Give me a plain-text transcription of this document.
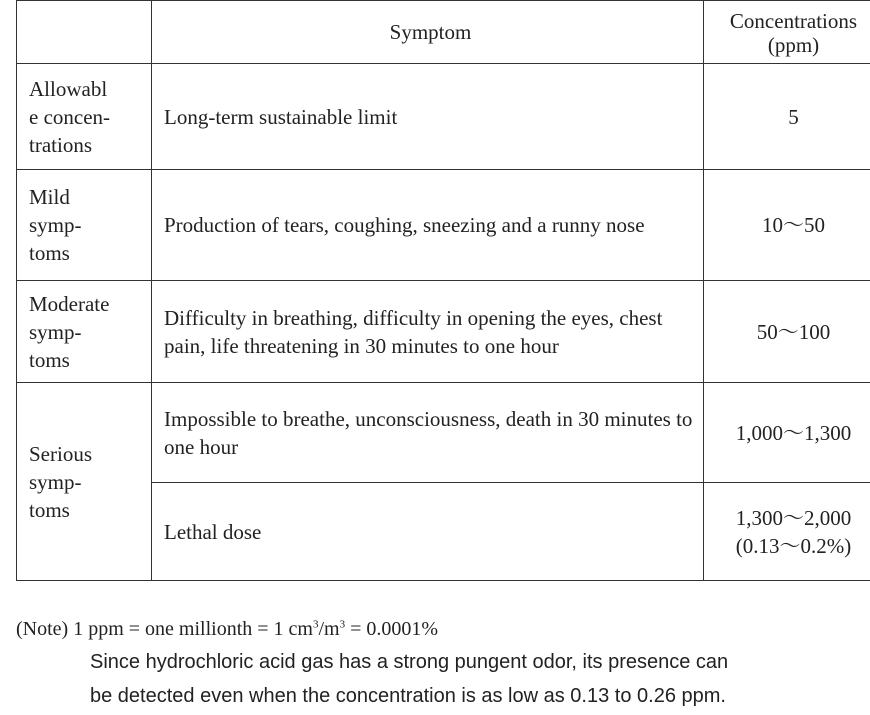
	Symptom	Concentrations
(ppm)

Allowabl
e concen-
trations	Long-term sustainable limit	5

Mild
symp-
toms	Production of tears, coughing, sneezing and a runny nose	10～50

Moderate
symp-
toms	Difficulty in breathing, difficulty in opening the eyes, chest pain, life threatening in 30 minutes to one hour	50～100

Serious
symp-
toms	Impossible to breathe, unconsciousness, death in 30 minutes to one hour	1,000～1,300
	Lethal dose	1,300～2,000
(0.13～0.2%)
(Note) 1 ppm = one millionth = 1 $cm^3/m^3 = 0.0001\%$
Since hydrochloric acid gas has a strong pungent odor, its presence can
be detected even when the concentration is as low as 0.13 to 0.26 ppm.
